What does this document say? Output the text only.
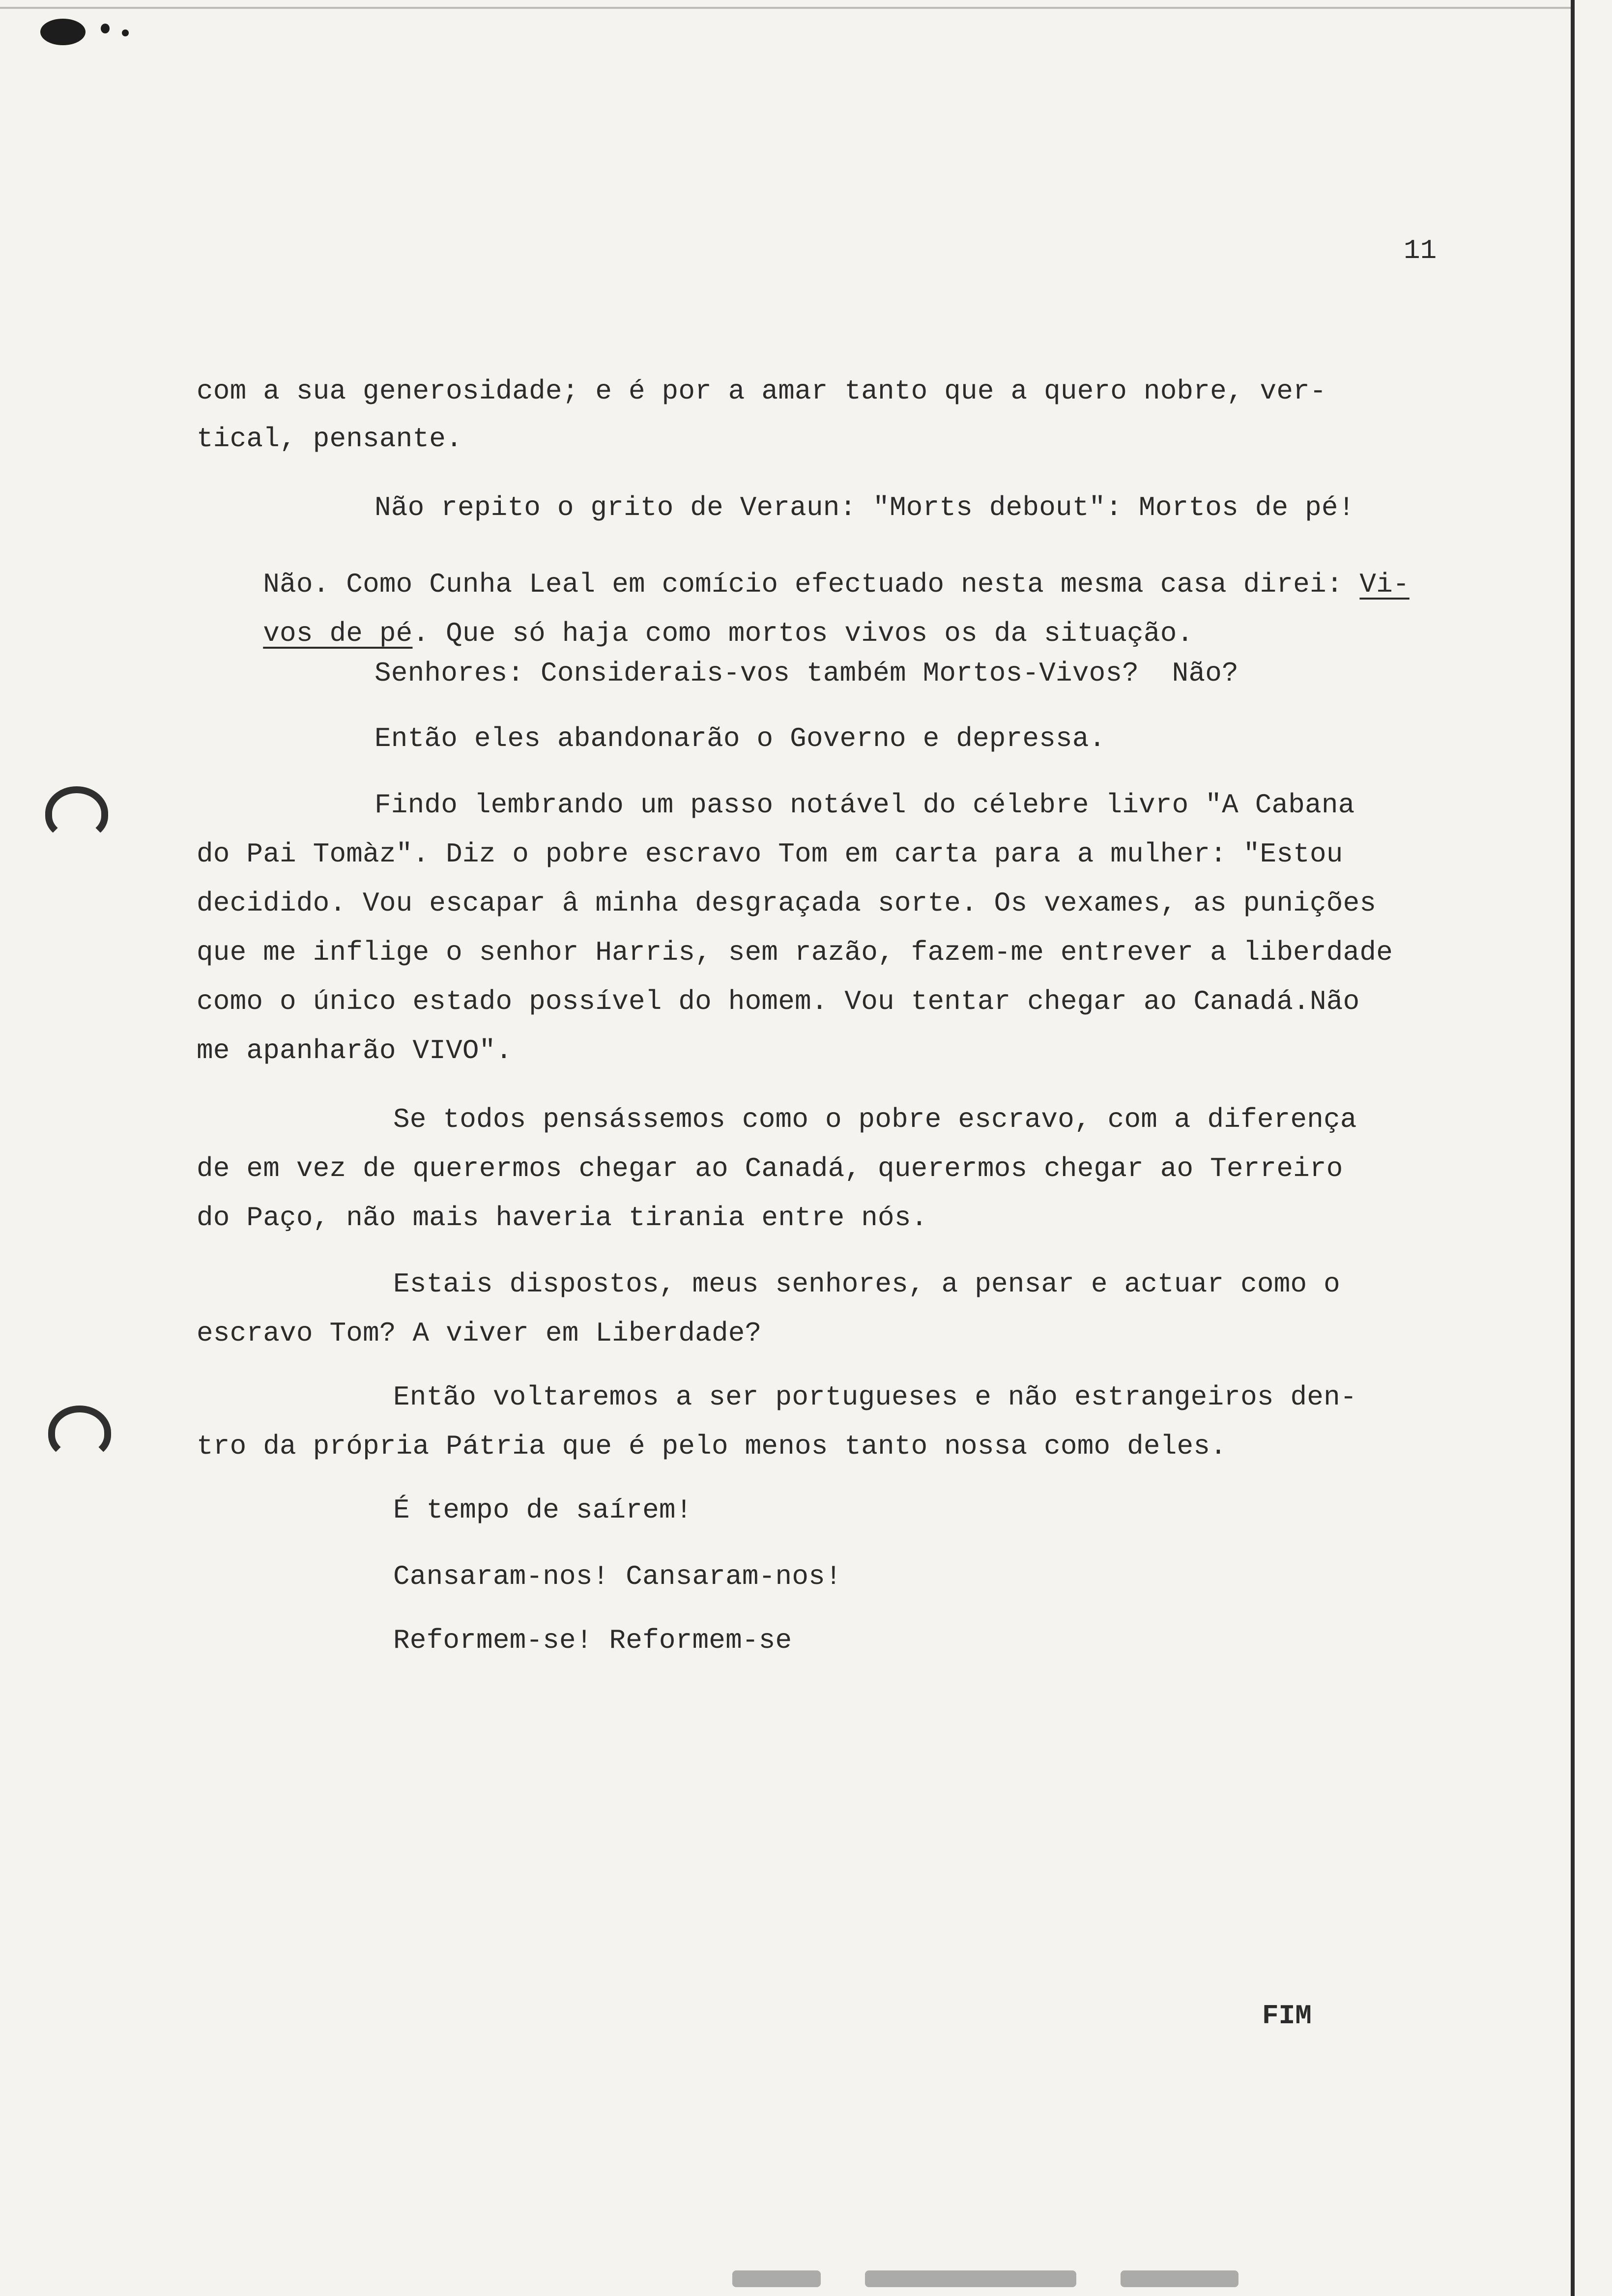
11
com a sua generosidade; e é por a amar tanto que a quero nobre, ver-
tical, pensante.
Não repito o grito de Veraun: "Morts debout": Mortos de pé!

Não. Como Cunha Leal em comício efectuado nesta mesma casa direi: Vi-

vos de pé. Que só haja como mortos vivos os da situação.

Senhores: Considerais-vos também Mortos-Vivos?  Não?
Então eles abandonarão o Governo e depressa.
Findo lembrando um passo notável do célebre livro "A Cabana
do Pai Tomàz". Diz o pobre escravo Tom em carta para a mulher: "Estou
decidido. Vou escapar â minha desgraçada sorte. Os vexames, as punições
que me inflige o senhor Harris, sem razão, fazem-me entrever a liberdade
como o único estado possível do homem. Vou tentar chegar ao Canadá.Não
me apanharão VIVO".
Se todos pensássemos como o pobre escravo, com a diferença
de em vez de querermos chegar ao Canadá, querermos chegar ao Terreiro
do Paço, não mais haveria tirania entre nós.
Estais dispostos, meus senhores, a pensar e actuar como o
escravo Tom? A viver em Liberdade?
Então voltaremos a ser portugueses e não estrangeiros den-
tro da própria Pátria que é pelo menos tanto nossa como deles.
É tempo de saírem!
Cansaram-nos! Cansaram-nos!
Reformem-se! Reformem-se
FIM
